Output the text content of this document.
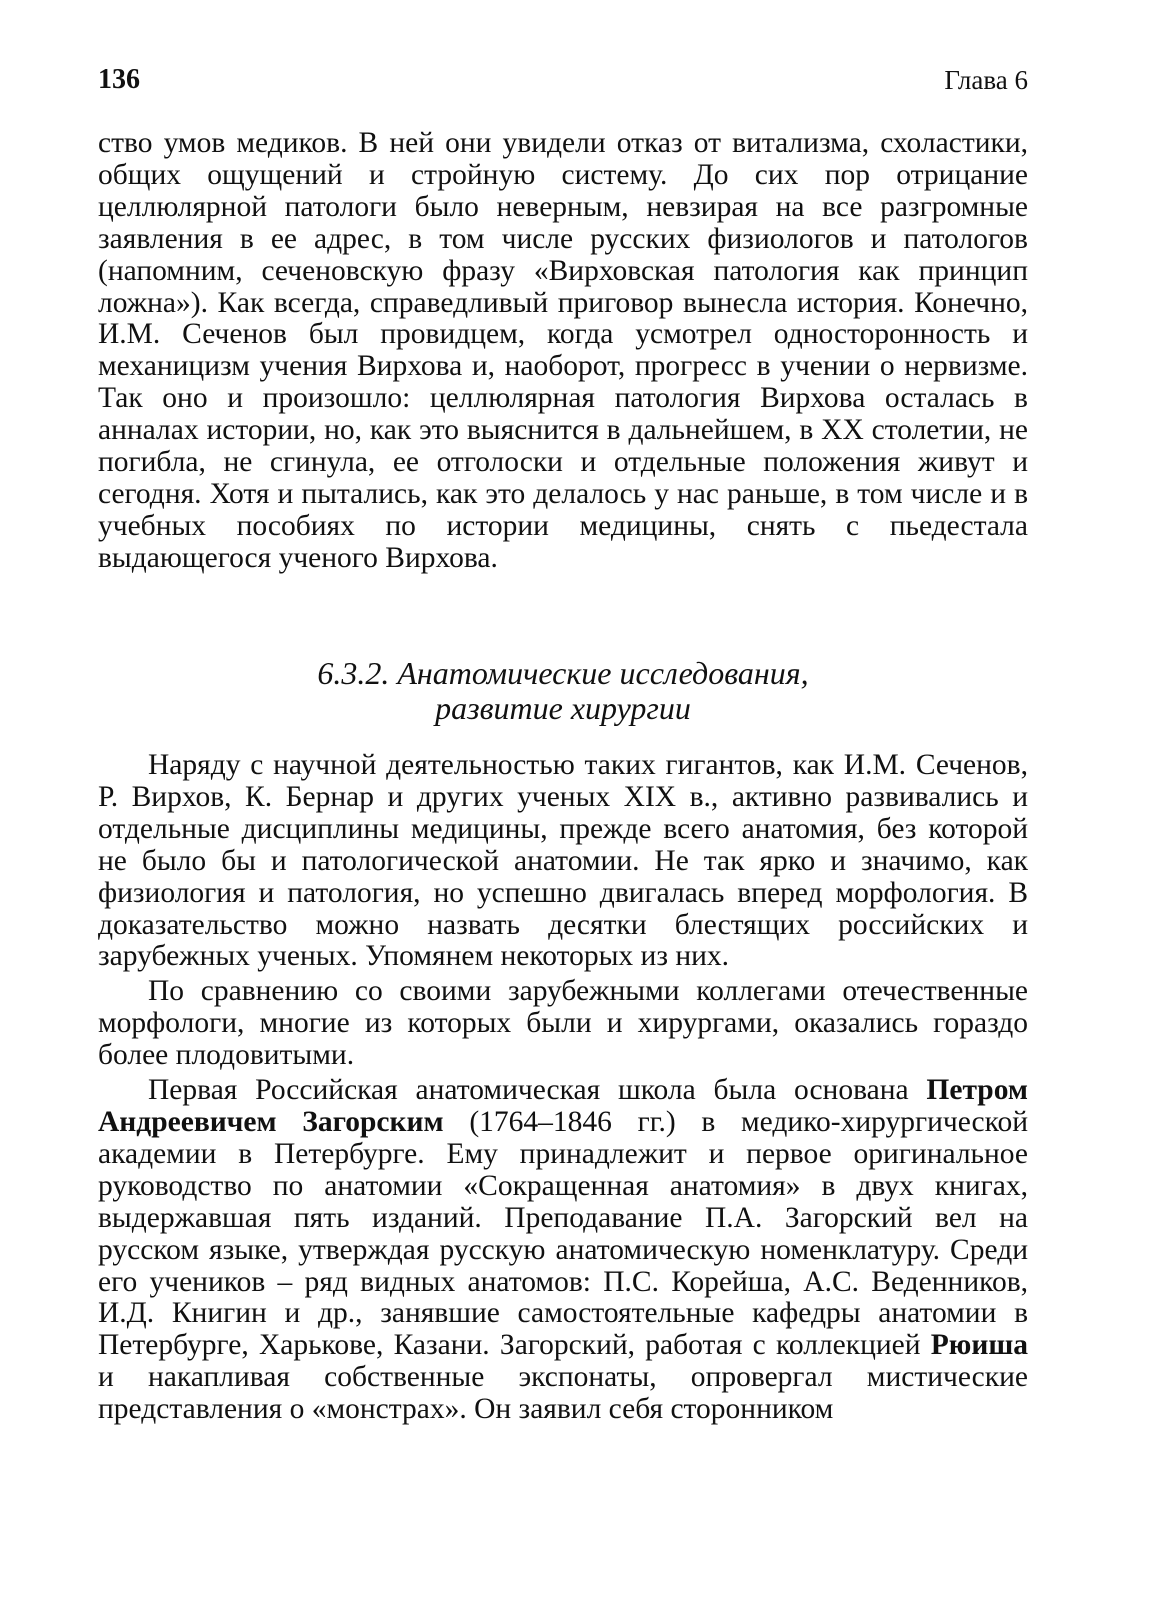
136	Глава 6

ство умов медиков. В ней они увидели отказ от витализма, схоластики, общих ощущений и стройную систему. До сих пор отрицание целлюлярной патологи было неверным, невзирая на все разгромные заявления в ее адрес, в том числе русских физиологов и патологов (напомним, сеченовскую фразу «Вирховская патология как принцип ложна»). Как всегда, справедливый приговор вынесла история. Конечно, И.М. Сеченов был провидцем, когда усмотрел односторонность и механицизм учения Вирхова и, наоборот, прогресс в учении о нервизме. Так оно и произошло: целлюлярная патология Вирхова осталась в анналах истории, но, как это выяснится в дальнейшем, в XX столетии, не погибла, не сгинула, ее отголоски и отдельные положения живут и сегодня. Хотя и пытались, как это делалось у нас раньше, в том числе и в учебных пособиях по истории медицины, снять с пьедестала выдающегося ученого Вирхова.

6.3.2. Анатомические исследования,
развитие хирургии

Наряду с научной деятельностью таких гигантов, как И.М. Сеченов, Р. Вирхов, К. Бернар и других ученых XIX в., активно развивались и отдельные дисциплины медицины, прежде всего анатомия, без которой не было бы и патологической анатомии. Не так ярко и значимо, как физиология и патология, но успешно двигалась вперед морфология. В доказательство можно назвать десятки блестящих российских и зарубежных ученых. Упомянем некоторых из них.

По сравнению со своими зарубежными коллегами отечественные морфологи, многие из которых были и хирургами, оказались гораздо более плодовитыми.

Первая Российская анатомическая школа была основана Петром Андреевичем Загорским (1764–1846 гг.) в медико-хирургической академии в Петербурге. Ему принадлежит и первое оригинальное руководство по анатомии «Сокращенная анатомия» в двух книгах, выдержавшая пять изданий. Преподавание П.А. Загорский вел на русском языке, утверждая русскую анатомическую номенклатуру. Среди его учеников – ряд видных анатомов: П.С. Корейша, А.С. Веденников, И.Д. Книгин и др., занявшие самостоятельные кафедры анатомии в Петербурге, Харькове, Казани. Загорский, работая с коллекцией Рюиша и накапливая собственные экспонаты, опровергал мистические представления о «монстрах». Он заявил себя сторонником
